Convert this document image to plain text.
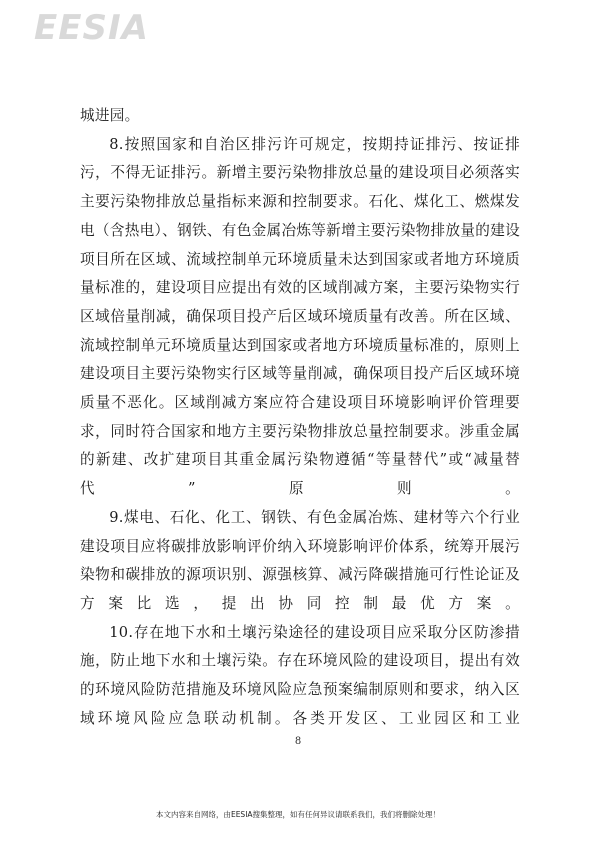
EESIA

城进园。

8.按照国家和自治区排污许可规定，按期持证排污、按证排污，不得无证排污。新增主要污染物排放总量的建设项目必须落实主要污染物排放总量指标来源和控制要求。石化、煤化工、燃煤发电（含热电）、钢铁、有色金属冶炼等新增主要污染物排放量的建设项目所在区域、流域控制单元环境质量未达到国家或者地方环境质量标准的，建设项目应提出有效的区域削减方案，主要污染物实行区域倍量削减，确保项目投产后区域环境质量有改善。所在区域、流域控制单元环境质量达到国家或者地方环境质量标准的，原则上建设项目主要污染物实行区域等量削减，确保项目投产后区域环境质量不恶化。区域削减方案应符合建设项目环境影响评价管理要求，同时符合国家和地方主要污染物排放总量控制要求。涉重金属的新建、改扩建项目其重金属污染物遵循“等量替代”或“减量替代”原则。

9.煤电、石化、化工、钢铁、有色金属冶炼、建材等六个行业建设项目应将碳排放影响评价纳入环境影响评价体系，统筹开展污染物和碳排放的源项识别、源强核算、减污降碳措施可行性论证及方案比选，提出协同控制最优方案。

10.存在地下水和土壤污染途径的建设项目应采取分区防渗措施，防止地下水和土壤污染。存在环境风险的建设项目，提出有效的环境风险防范措施及环境风险应急预案编制原则和要求，纳入区域环境风险应急联动机制。各类开发区、工业园区和工业

8
本文内容来自网络，由EESIA搜集整理，如有任何异议请联系我们，我们将删除处理！
